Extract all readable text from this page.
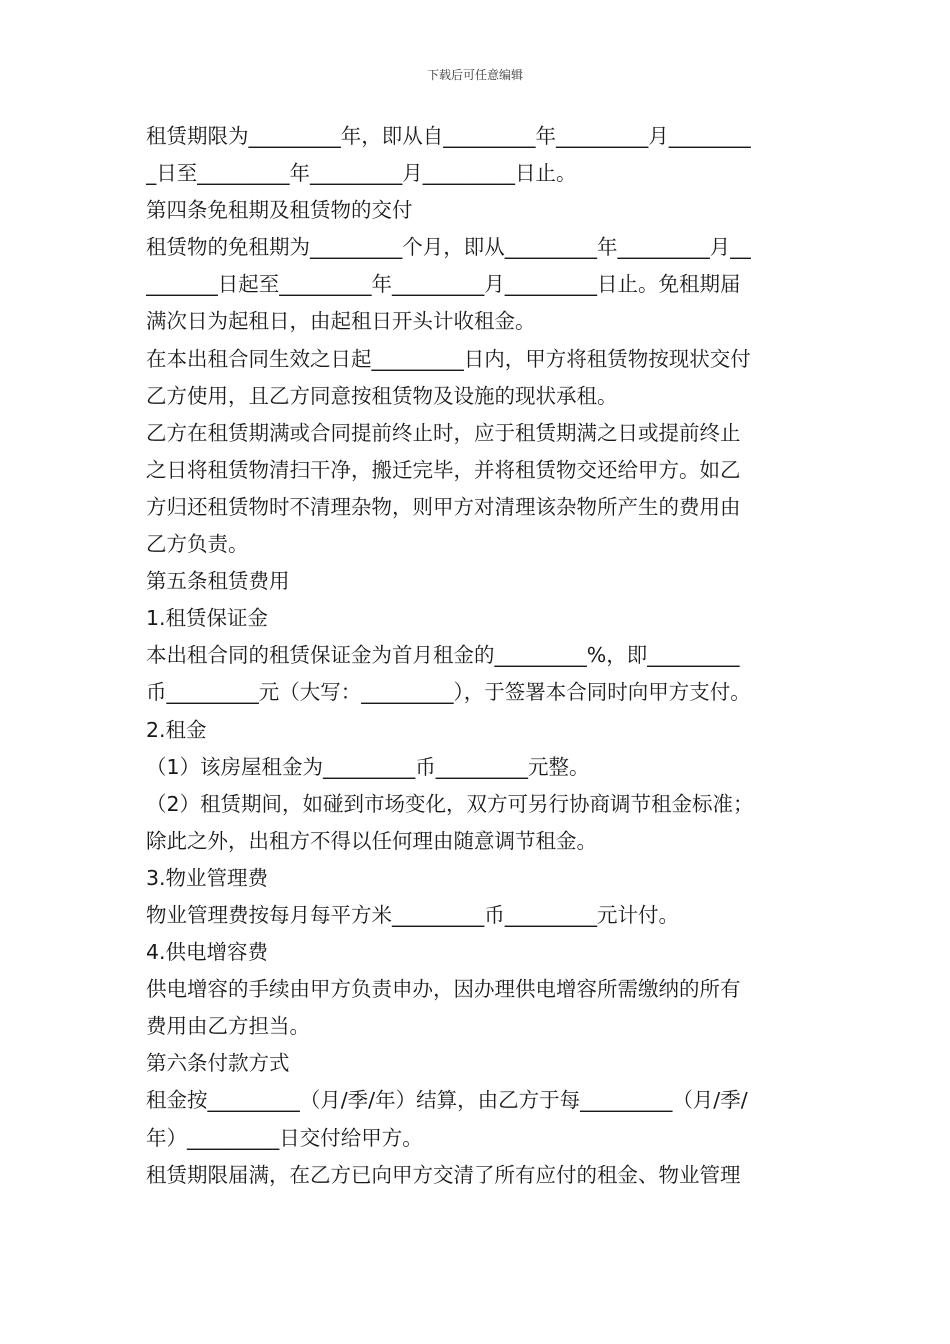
下载后可任意编辑
租赁期限为_________年，即从自_________年_________月________
_日至_________年_________月_________日止。
第四条免租期及租赁物的交付
租赁物的免租期为_________个月，即从_________年_________月__
_______日起至_________年_________月_________日止。免租期届
满次日为起租日，由起租日开头计收租金。
在本出租合同生效之日起_________日内，甲方将租赁物按现状交付
乙方使用，且乙方同意按租赁物及设施的现状承租。
乙方在租赁期满或合同提前终止时，应于租赁期满之日或提前终止
之日将租赁物清扫干净，搬迁完毕，并将租赁物交还给甲方。如乙
方归还租赁物时不清理杂物，则甲方对清理该杂物所产生的费用由
乙方负责。
第五条租赁费用
1.租赁保证金
本出租合同的租赁保证金为首月租金的_________%，即_________
币_________元（大写：_________），于签署本合同时向甲方支付。
2.租金
（1）该房屋租金为_________币_________元整。
（2）租赁期间，如碰到市场变化，双方可另行协商调节租金标准；
除此之外，出租方不得以任何理由随意调节租金。
3.物业管理费
物业管理费按每月每平方米_________币_________元计付。
4.供电增容费
供电增容的手续由甲方负责申办，因办理供电增容所需缴纳的所有
费用由乙方担当。
第六条付款方式
租金按_________（月/季/年）结算，由乙方于每_________（月/季/
年）_________日交付给甲方。
租赁期限届满，在乙方已向甲方交清了所有应付的租金、物业管理
